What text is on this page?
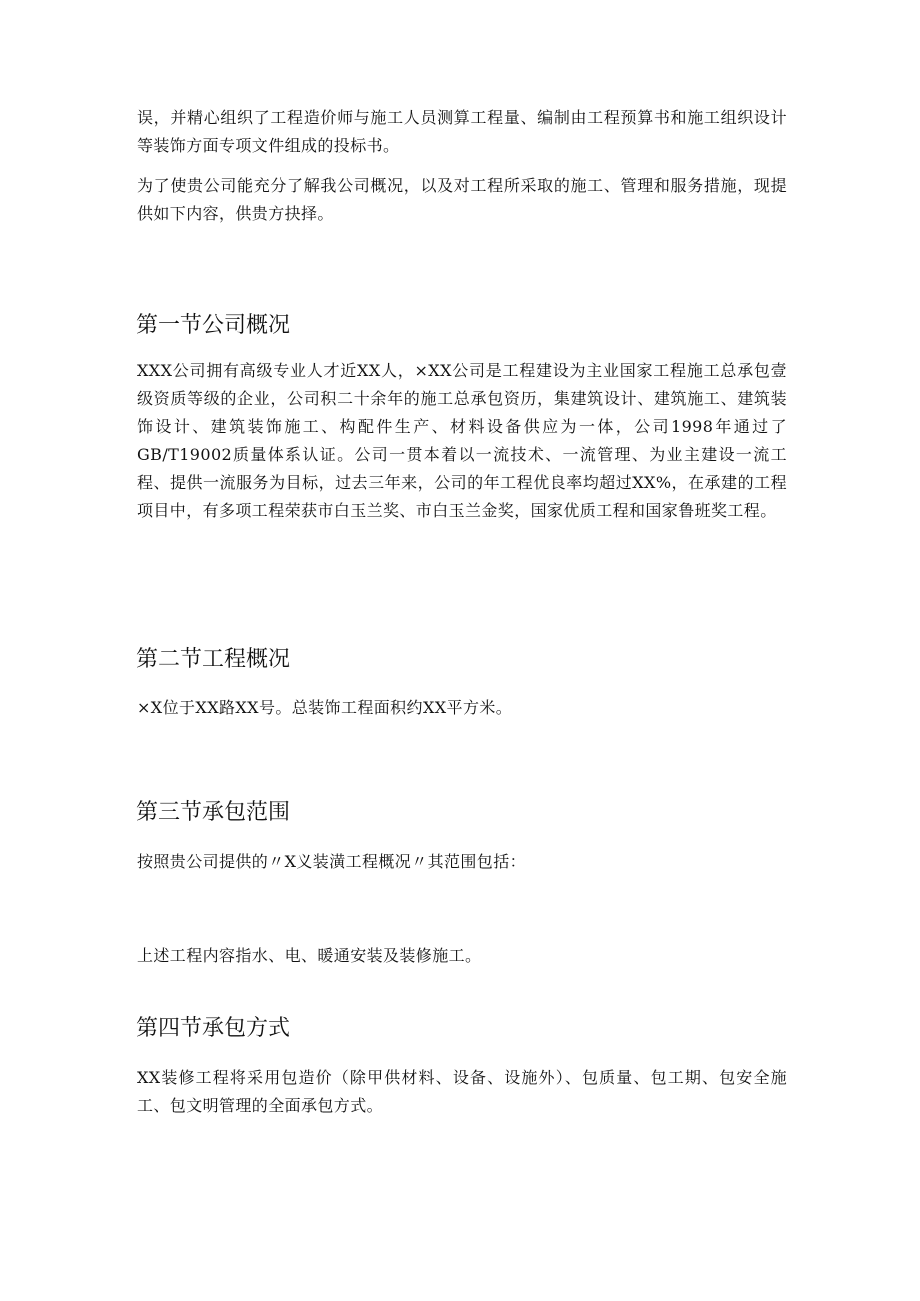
误，并精心组织了工程造价师与施工人员测算工程量、编制由工程预算书和施工组织设计等装饰方面专项文件组成的投标书。

为了使贵公司能充分了解我公司概况，以及对工程所采取的施工、管理和服务措施，现提供如下内容，供贵方抉择。

第一节公司概况

XXX公司拥有高级专业人才近XX人，×XX公司是工程建设为主业国家工程施工总承包壹级资质等级的企业，公司积二十余年的施工总承包资历，集建筑设计、建筑施工、建筑装饰设计、建筑装饰施工、构配件生产、材料设备供应为一体，公司1998年通过了GB/T19002质量体系认证。公司一贯本着以一流技术、一流管理、为业主建设一流工程、提供一流服务为目标，过去三年来，公司的年工程优良率均超过XX%，在承建的工程项目中，有多项工程荣获市白玉兰奖、市白玉兰金奖，国家优质工程和国家鲁班奖工程。

第二节工程概况

×X位于XX路XX号。总装饰工程面积约XX平方米。

第三节承包范围

按照贵公司提供的〃X义装潢工程概况〃其范围包括：

上述工程内容指水、电、暖通安装及装修施工。

第四节承包方式

XX装修工程将采用包造价（除甲供材料、设备、设施外）、包质量、包工期、包安全施工、包文明管理的全面承包方式。
